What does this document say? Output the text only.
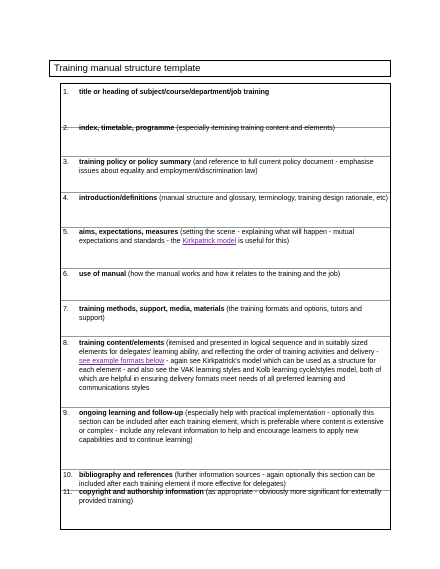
Training manual structure template
1. title or heading of subject/course/department/job training
2. index, timetable, programme (especially itemising training content and elements)
3. training policy or policy summary (and reference to full current policy document - emphasise issues about equality and employment/discrimination law)
4. introduction/definitions (manual structure and glossary, terminology, training design rationale, etc)
5. aims, expectations, measures (setting the scene - explaining what will happen - mutual expectations and standards - the Kirkpatrick model is useful for this)
6. use of manual (how the manual works and how it relates to the training and the job)
7. training methods, support, media, materials (the training formats and options, tutors and support)
8. training content/elements (itemised and presented in logical sequence and in suitably sized elements for delegates' learning ability, and reflecting the order of training activities and delivery - see example formats below - again see Kirkpatrick's model which can be used as a structure for each element - and also see the VAK learning styles and Kolb learning cycle/styles model, both of which are helpful in ensuring delivery formats meet needs of all preferred learning and communications styles
9. ongoing learning and follow-up (especially help with practical implementation - optionally this section can be included after each training element, which is preferable where content is extensive or complex - include any relevant information to help and encourage learners to apply new capabilities and to continue learning)
10. bibliography and references (further information sources - again optionally this section can be included after each training element if more effective for delegates)
11. copyright and authorship information (as appropriate - obviously more significant for externally provided training)
